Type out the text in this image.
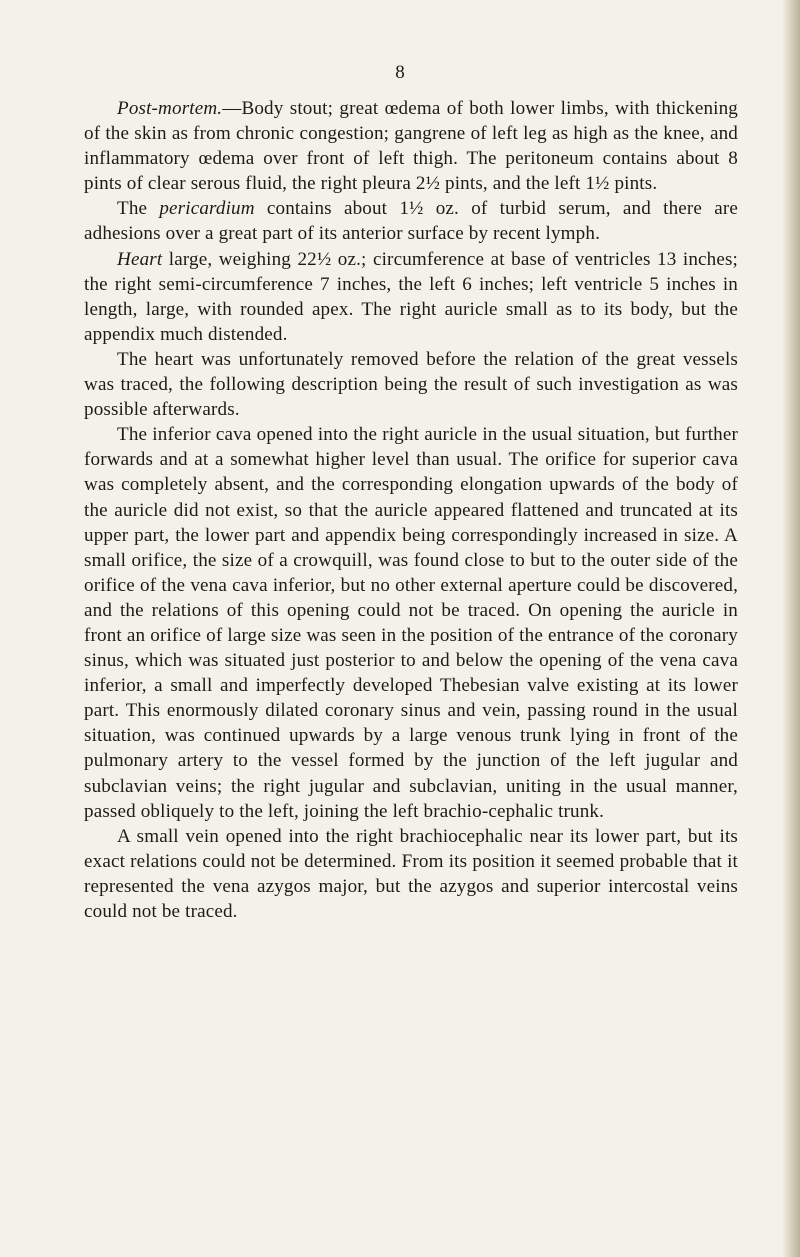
8

Post-mortem.—Body stout; great œdema of both lower limbs, with thickening of the skin as from chronic congestion; gangrene of left leg as high as the knee, and inflammatory œdema over front of left thigh. The peritoneum contains about 8 pints of clear serous fluid, the right pleura 2½ pints, and the left 1½ pints.

The pericardium contains about 1½ oz. of turbid serum, and there are adhesions over a great part of its anterior surface by recent lymph.

Heart large, weighing 22½ oz.; circumference at base of ventricles 13 inches; the right semi-circumference 7 inches, the left 6 inches; left ventricle 5 inches in length, large, with rounded apex. The right auricle small as to its body, but the appendix much distended.

The heart was unfortunately removed before the relation of the great vessels was traced, the following description being the result of such investigation as was possible afterwards.

The inferior cava opened into the right auricle in the usual situation, but further forwards and at a somewhat higher level than usual. The orifice for superior cava was completely absent, and the corresponding elongation upwards of the body of the auricle did not exist, so that the auricle appeared flattened and truncated at its upper part, the lower part and appendix being correspondingly increased in size. A small orifice, the size of a crowquill, was found close to but to the outer side of the orifice of the vena cava inferior, but no other external aperture could be discovered, and the relations of this opening could not be traced. On opening the auricle in front an orifice of large size was seen in the position of the entrance of the coronary sinus, which was situated just posterior to and below the opening of the vena cava inferior, a small and imperfectly developed Thebesian valve existing at its lower part. This enormously dilated coronary sinus and vein, passing round in the usual situation, was continued upwards by a large venous trunk lying in front of the pulmonary artery to the vessel formed by the junction of the left jugular and subclavian veins; the right jugular and subclavian, uniting in the usual manner, passed obliquely to the left, joining the left brachio-cephalic trunk.

A small vein opened into the right brachiocephalic near its lower part, but its exact relations could not be determined. From its position it seemed probable that it represented the vena azygos major, but the azygos and superior intercostal veins could not be traced.
